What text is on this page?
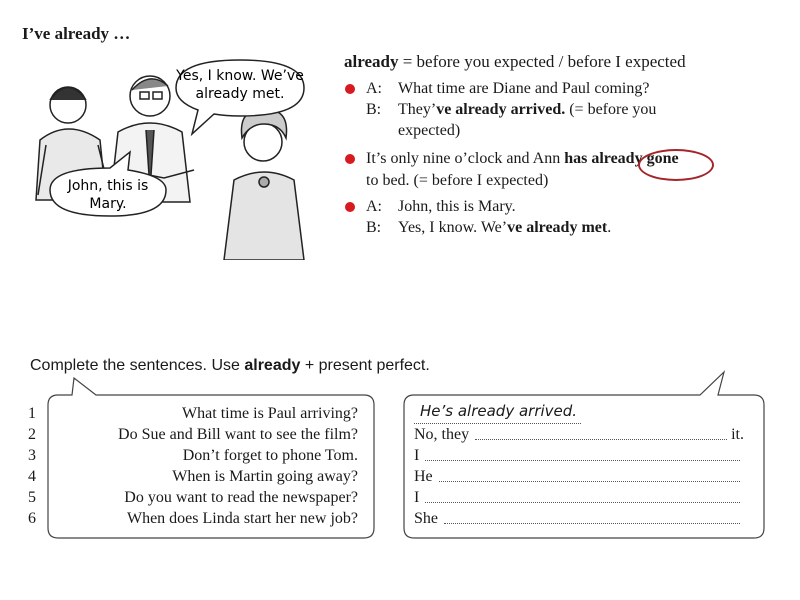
I’ve already …
Yes, I know. We’ve
already met.
John, this is
Mary.
already = before you expected / before I expected
A: What time are Diane and Paul coming?
B: They’ve already arrived. (= before you
expected)
It’s only nine o’clock and Ann has already gone
to bed. (= before I expected)
A: John, this is Mary.
B: Yes, I know. We’ve already met.
Complete the sentences. Use already + present perfect.
1
2
3
4
5
6
What time is Paul arriving?
Do Sue and Bill want to see the film?
Don’t forget to phone Tom.
When is Martin going away?
Do you want to read the newspaper?
When does Linda start her new job?
He’s already arrived.
No, they	it.
I
He
I
She
